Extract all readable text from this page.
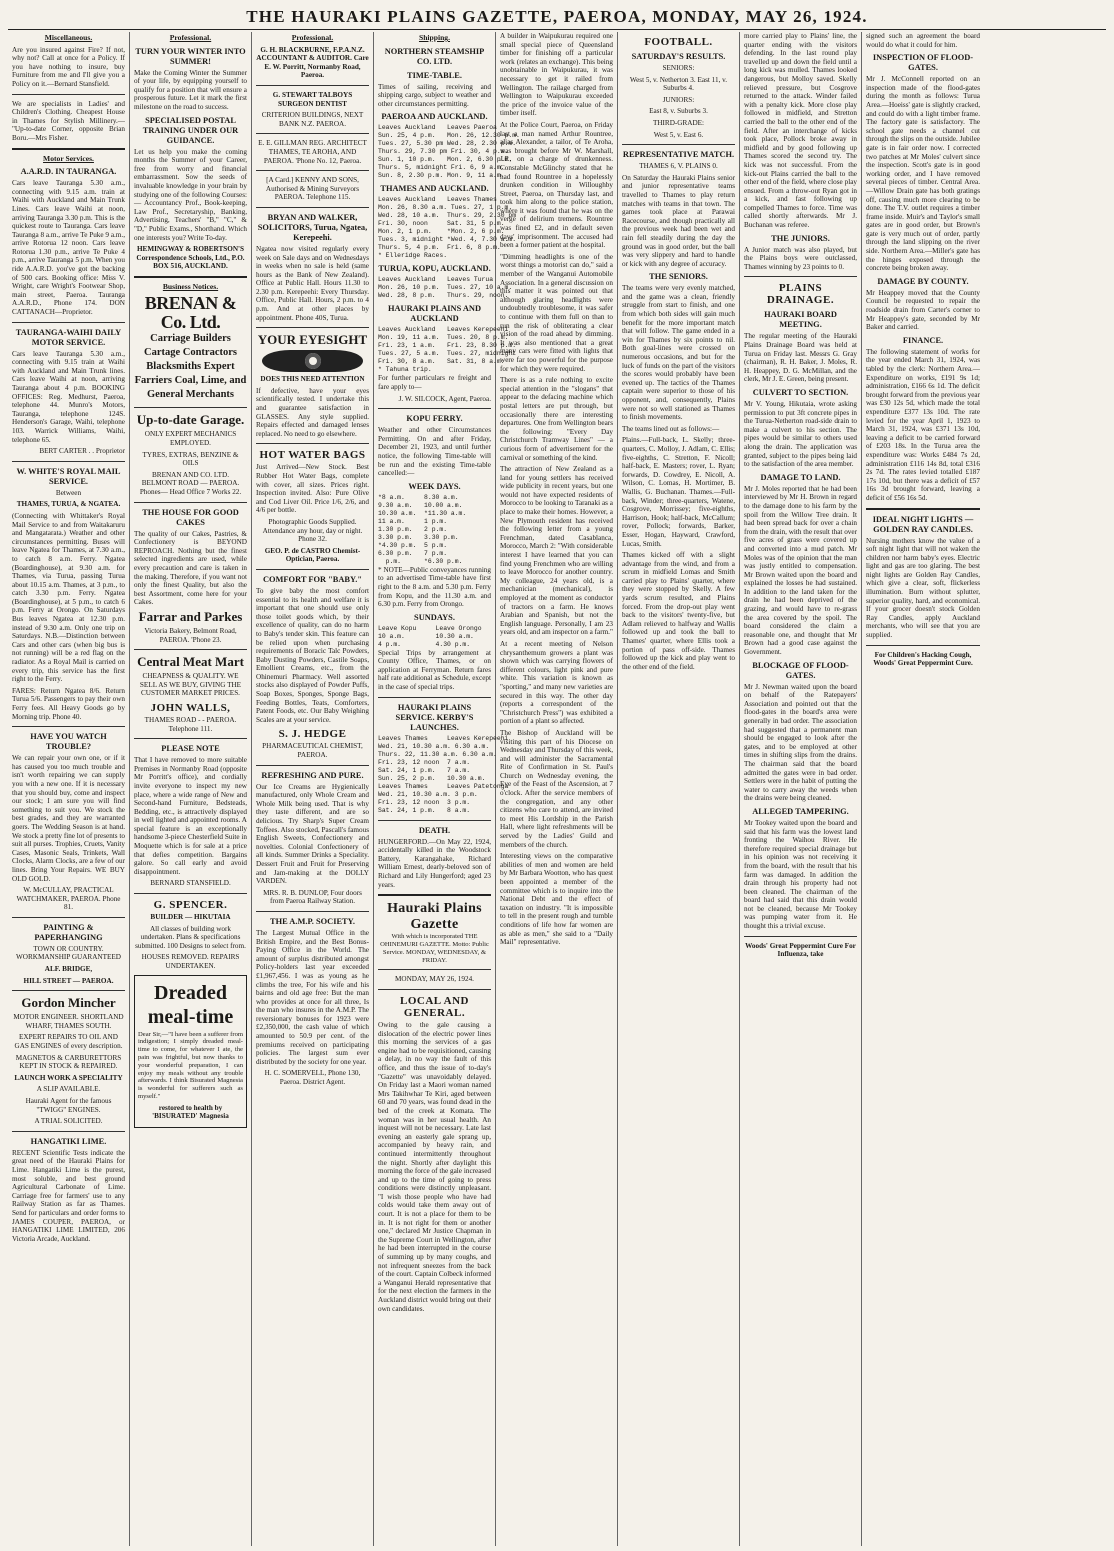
THE HAURAKI PLAINS GAZETTE, PAEROA, MONDAY, MAY 26, 1924.
Miscellaneous.

Are you insured against Fire? If not, why not? Call at once for a Policy. If you have nothing to insure, buy Furniture from me and I'll give you a Policy on it.—Bernard Stansfield.

We are specialists in Ladies' and Children's Clothing. Cheapest House in Thames for Stylish Millinery.— "Up-to-date Corner, opposite Brian Boru.—Mrs Fisher.

Motor Services.
A.A.R.D. IN TAURANGA.

Cars leave Tauranga 5.30 a.m., connecting with 9.15 a.m. train at Waihi with Auckland and Main Trunk Lines. Cars leave Waihi at noon, arriving Tauranga 3.30 p.m. This is the quickest route to Tauranga. Cars leave Tauranga 8 a.m., arrive Te Puke 9 a.m., arrive Rotorua 12 noon. Cars leave Rotorua 1.30 p.m., arrive Te Puke 4 p.m., arrive Tauranga 5 p.m. When you ride A.A.R.D. you've got the backing of 500 cars. Booking office: Miss V. Wright, care Wright's Footwear Shop, main street, Paeroa. Tauranga A.A.R.D., Phone 174. DON CATTANACH—Proprietor.

TAURANGA-WAIHI DAILY MOTOR SERVICE.

Cars leave Tauranga 5.30 a.m., connecting with 9.15 train at Waihi with Auckland and Main Trunk lines. Cars leave Waihi at noon, arriving Tauranga about 4 p.m. BOOKING OFFICES: Reg. Medhurst, Paeroa, telephone 44. Munro's Motors, Tauranga, telephone 124S. Henderson's Garage, Waihi, telephone 103. Warrick Williams, Waihi, telephone 65.

BERT CARTER . . Proprietor

W. WHITE'S ROYAL MAIL SERVICE.

Between

THAMES, TURUA, & NGATEA.

(Connecting with Whittaker's Royal Mail Service to and from Waitakaruru and Mangatarata.) Weather and other circumstances permitting. Buses will leave Ngatea for Thames, at 7.30 a.m., to catch 8 a.m. Ferry. Ngatea (Boardinghouse), at 9.30 a.m. for Thames, via Turua, passing Turua about 10.15 a.m. Thames, at 3 p.m., to catch 3.30 p.m. Ferry. Ngatea (Boardinghouse), at 5 p.m., to catch 6 p.m. Ferry at Orongo. On Saturdays Bus leaves Ngatea at 12.30 p.m. instead of 9.30 a.m. Only one trip on Saturdays. N.B.—Distinction between Cars and other cars (when big bus is not running) will be a red flag on the radiator. As a Royal Mail is carried on every trip, this service has the first right to the Ferry.

FARES: Return Ngatea 8/6. Return Turua 5/6. Passengers to pay their own Ferry fees. All Heavy Goods go by Morning trip. Phone 40.

HAVE YOU WATCH TROUBLE?

We can repair your own one, or if it has caused you too much trouble and isn't worth repairing we can supply you with a new one. If it is necessary that you should buy, come and inspect our stock; I am sure you will find something to suit you. We stock the best grades, and they are warranted goers. The Wedding Season is at hand. We stock a pretty fine lot of presents to suit all purses. Trophies, Cruets, Vanity Cases, Masonic Seals, Trinkets, Wall Clocks, Alarm Clocks, are a few of our lines. Bring Your Repairs. WE BUY OLD GOLD.

W. McCULLAY, PRACTICAL WATCHMAKER, PAEROA. Phone 81.

PAINTING & PAPERHANGING

TOWN OR COUNTRY. WORKMANSHIP GUARANTEED

ALF. BRIDGE,

HILL STREET — PAEROA.

Gordon Mincher

MOTOR ENGINEER. SHORTLAND WHARF, THAMES SOUTH.

EXPERT REPAIRS TO OIL AND GAS ENGINES of every description.

MAGNETOS & CARBURETTORS KEPT IN STOCK & REPAIRED.

LAUNCH WORK A SPECIALITY

A SLIP AVAILABLE.

Hauraki Agent for the famous "TWIGG" ENGINES.

A TRIAL SOLICITED.

HANGATIKI LIME.

RECENT Scientific Tests indicate the great need of the Hauraki Plains for Lime. Hangatiki Lime is the purest, most soluble, and best ground Agricultural Carbonate of Lime. Carriage free for farmers' use to any Railway Station as far as Thames. Send for particulars and order forms to JAMES COUPER, PAEROA, or HANGATIKI LIME LIMITED, 206 Victoria Arcade, Auckland.

Professional.
TURN YOUR WINTER INTO SUMMER!

Make the Coming Winter the Summer of your life, by equipping yourself to qualify for a position that will ensure a prosperous future. Let it mark the first milestone on the road to success.

SPECIALISED POSTAL TRAINING UNDER OUR GUIDANCE.

Let us help you make the coming months the Summer of your Career, free from worry and financial embarrassment. Sow the seeds of invaluable knowledge in your brain by studying one of the following Courses:— Accountancy Prof., Book-keeping, Law Prof., Secretaryship, Banking, Advertising, Teachers' "B," "C," & "D," Public Exams., Shorthand. Which one interests you? Write To-day.

HEMINGWAY & ROBERTSON'S Correspondence Schools, Ltd., P.O. BOX 516, AUCKLAND.

Business Notices.
BRENAN & Co. Ltd.

Carriage Builders Cartage Contractors Blacksmiths Expert Farriers Coal, Lime, and General Merchants

Up-to-date Garage.

ONLY EXPERT MECHANICS EMPLOYED.

TYRES, EXTRAS, BENZINE & OILS

BRENAN AND CO. LTD. BELMONT ROAD — PAEROA. Phones— Head Office 7 Works 22.

THE HOUSE FOR GOOD CAKES

The quality of our Cakes, Pastries, & Confectionery is BEYOND REPROACH. Nothing but the finest selected ingredients are used, while every precaution and care is taken in the making. Therefore, if you want not only the finest Quality, but also the best Assortment, come here for your Cakes.

Farrar and Parkes

Victoria Bakery, Belmont Road, PAEROA. 'Phone 23.

Central Meat Mart

CHEAPNESS & QUALITY. WE SELL AS WE BUY, GIVING THE CUSTOMER MARKET PRICES.

JOHN WALLS,

THAMES ROAD - - PAEROA. Telephone 111.

PLEASE NOTE

That I have removed to more suitable Premises in Normanby Road (opposite Mr Porritt's office), and cordially invite everyone to inspect my new place, where a wide range of New and Second-hand Furniture, Bedsteads, Bedding, etc., is attractively displayed in well lighted and appointed rooms. A special feature is an exceptionally handsome 3-piece Chesterfield Suite in Moquette which is for sale at a price that defies competition. Bargains galore. So call early and avoid disappointment.

BERNARD STANSFIELD.

G. SPENCER.

BUILDER — HIKUTAIA

All classes of building work undertaken. Plans & specifications submitted. 100 Designs to select from.

HOUSES REMOVED. REPAIRS UNDERTAKEN.

Dreaded
meal-time

Dear Sir,—"I have been a sufferer from indigestion; I simply dreaded meal-time to come, for whatever I ate, the pain was frightful, but now thanks to your wonderful preparation, I can enjoy my meals without any trouble afterwards. I think Bisurated Magnesia is wonderful for sufferers such as myself."

restored to health by 'BISURATED' Magnesia

Professional.

G. H. BLACKBURNE, F.P.A.N.Z. ACCOUNTANT & AUDITOR. Care E. W. Porritt, Normanby Road, Paeroa.

G. STEWART TALBOYS SURGEON DENTIST

CRITERION BUILDINGS, NEXT BANK N.Z. PAEROA.

E. E. GILLMAN REG. ARCHITECT THAMES, TE AROHA, AND PAEROA. 'Phone No. 12, Paeroa.

[A Card.] KENNY AND SONS, Authorised & Mining Surveyors PAEROA. Telephone 115.

BRYAN AND WALKER, SOLICITORS, Turua, Ngatea, Kerepeehi.

Ngatea now visited regularly every week on Sale days and on Wednesdays in weeks when no sale is held (same hours as the Bank of New Zealand). Office at Public Hall. Hours 11.30 to 2.30 p.m. Kerepeehi: Every Thursday. Office, Public Hall. Hours, 2 p.m. to 4 p.m. And at other places by appointment. Phone 40S, Turua.

YOUR EYESIGHT

DOES THIS NEED ATTENTION

If defective, have your eyes scientifically tested. I undertake this and guarantee satisfaction in GLASSES. Any style supplied. Repairs effected and damaged lenses replaced. No need to go elsewhere.

HOT WATER BAGS

Just Arrived—New Stock. Best Rubber Hot Water Bags, complete with cover, all sizes. Prices right. Inspection invited. Also: Pure Olive and Cod Liver Oil. Price 1/6, 2/6, and 4/6 per bottle.

Photographic Goods Supplied. Attendance any hour, day or night. Phone 32.

GEO. P. de CASTRO Chemist-Optician, Paeroa.

COMFORT FOR "BABY."

To give baby the most comfort essential to its health and welfare it is important that one should use only those toilet goods which, by their excellence of quality, can do no harm to Baby's tender skin. This feature can be relied upon when purchasing requirements of Boracic Talc Powders, Baby Dusting Powders, Castile Soaps, Emollient Creams, etc., from the Ohinemuri Pharmacy. Well assorted stocks also displayed of Powder Puffs, Soap Boxes, Sponges, Sponge Bags, Feeding Bottles, Teats, Comforters, Patent Foods, etc. Our Baby Weighing Scales are at your service.

S. J. HEDGE

PHARMACEUTICAL CHEMIST, PAEROA.

REFRESHING AND PURE.

Our Ice Creams are Hygienically manufactured, only Whole Cream and Whole Milk being used. That is why they taste different, and are so delicious. Try Sharp's Super Cream Toffees. Also stocked, Pascall's famous English Sweets, Confectionery and novelties. Colonial Confectionery of all kinds. Summer Drinks a Speciality. Dessert Fruit and Fruit for Preserving and Jam-making at the DOLLY VARDEN.

MRS. R. B. DUNLOP, Four doors from Paeroa Railway Station.

THE A.M.P. SOCIETY.

The Largest Mutual Office in the British Empire, and the Best Bonus-Paying Office in the World. The amount of surplus distributed amongst Policy-holders last year exceeded £1,967,456. I was as young as he climbs the tree, For his wife and his bairns and old age free: But the man who provides at once for all three, Is the man who insures in the A.M.P. The reversionary bonuses for 1923 were £2,350,000, the cash value of which amounted to 50.9 per cent. of the premiums received on participating policies. The largest sum ever distributed by the society for one year.

H. C. SOMERVELL, Phone 130, Paeroa. District Agent.

Shipping.
NORTHERN STEAMSHIP CO. LTD.
TIME-TABLE.

Times of sailing, receiving and shipping cargo, subject to weather and other circumstances permitting.

PAEROA AND AUCKLAND.
Leaves Auckland   Leaves Paeroa
Sun. 25, 4 p.m.   Mon. 26, 12.30 p.m.
Tues. 27, 5.30 pm Wed. 28, 2.30 p.m.
Thurs. 29, 7.30 pm Fri. 30, 4 p.m.
Sun. 1, 10 p.m.   Mon. 2, 6.30 p.m.
Thurs. 5, midnight Fri. 6, 9 a.m.
Sun. 8, 2.30 p.m. Mon. 9, 11 a.m.
THAMES AND AUCKLAND.
Leaves Auckland   Leaves Thames
Mon. 26, 8.30 a.m. Tues. 27, 1 p.m.
Wed. 28, 10 a.m.  Thurs. 29, 2.30 pm
Fri. 30, noon     Sat. 31, 5 p.m.
Mon. 2, 1 p.m.    *Mon. 2, 6 p.m.
Tues. 3, midnight *Wed. 4, 7.30 a.m.
Thurs. 5, 4 p.m.  Fri. 6, 8 p.m.
* Elleridge Races.
TURUA, KOPU, AUCKLAND.
Leaves Auckland   Leaves Turua
Mon. 26, 10 p.m.  Tues. 27, 10 a.m.
Wed. 28, 8 p.m.   Thurs. 29, noon.
HAURAKI PLAINS AND AUCKLAND
Leaves Auckland   Leaves Kerepeehi
Mon. 19, 11 a.m.  Tues. 20, 8 p.m.
Fri. 23, 1 a.m.   Fri. 23, 8.30 p.m.
Tues. 27, 5 a.m.  Tues. 27, midnight
Fri. 30, 8 a.m.   Sat. 31, 8 a.m.
* Tahuna trip.

For further particulars re freight and fare apply to—

J. W. SILCOCK, Agent, Paeroa.

KOPU FERRY.

Weather and other Circumstances Permitting. On and after Friday, December 21, 1923, and until further notice, the following Time-table will be run and the existing Time-table cancelled:—

WEEK DAYS.
*8 a.m.     8.30 a.m.
9.30 a.m.   10.00 a.m.
10.30 a.m.  *11.30 a.m.
11 a.m.     1 p.m.
1.30 p.m.   2 p.m.
3.30 p.m.   3.30 p.m.
*4.30 p.m.  5 p.m.
6.30 p.m.   7 p.m.
p.m.      *6.30 p.m.

* NOTE—Public conveyances running to an advertised Time-table have first right to the 8 a.m. and 5.30 p.m. Ferry from Kopu, and the 11.30 a.m. and 6.30 p.m. Ferry from Orongo.

SUNDAYS.
Leave Kopu     Leave Orongo
10 a.m.        10.30 a.m.
4 p.m.         4.30 p.m.

Special Trips by arrangement at County Office, Thames, or on application at Ferryman. Return fares half rate additional as Schedule, except in the case of special trips.

HAURAKI PLAINS SERVICE. KERBY'S LAUNCHES.
Leaves Thames     Leaves Kerepeehi
Wed. 21, 10.30 a.m. 6.30 a.m.
Thurs. 22, 11.30 a.m. 6.30 a.m.
Fri. 23, 12 noon  7 a.m.
Sat. 24, 1 p.m.   7 a.m.
Sun. 25, 2 p.m.   10.30 a.m.
Leaves Thames     Leaves Patetonga
Wed. 21, 10.30 a.m. 3 p.m.
Fri. 23, 12 noon  3 p.m.
Sat. 24, 1 p.m.   8 a.m.
DEATH.

HUNGERFORD.—On May 22, 1924, accidentally killed in the Woodstock Battery, Karangahake, Richard William Ernest, dearly-beloved son of Richard and Lily Hungerford; aged 23 years.

Hauraki Plains Gazette

With which is incorporated THE OHINEMURI GAZETTE. Motto: Public Service. MONDAY, WEDNESDAY, & FRIDAY.

MONDAY, MAY 26, 1924.

LOCAL AND GENERAL.

Owing to the gale causing a dislocation of the electric power lines this morning the services of a gas engine had to be requisitioned, causing a delay, in no way the fault of this office, and thus the issue of to-day's "Gazette" was unavoidably delayed. On Friday last a Maori woman named Mrs Takihwhar Te Kiri, aged between 60 and 70 years, was found dead in the bed of the creek at Komata. The woman was in her usual health. An inquest will not be necessary. Late last evening an easterly gale sprang up, accompanied by heavy rain, and continued intermittently throughout the night. Shortly after daylight this morning the force of the gale increased and up to the time of going to press conditions were distinctly unpleasant. "I wish those people who have had colds would take them away out of court. It is not a place for them to be in. It is not right for them or another one," declared Mr Justice Chapman in the Supreme Court in Wellington, after he had been interrupted in the course of summing up by many coughs, and not infrequent sneezes from the back of the court. Captain Colbeck informed a Wanganui Herald representative that for the next election the farmers in the Auckland district would bring out their own candidates.

A builder in Waipukurau required one small special piece of Queensland timber for finishing off a particular work (relates an exchange). This being unobtainable in Waipukurau, it was necessary to get it railed from Wellington. The railage charged from Wellington to Waipukurau exceeded the price of the invoice value of the timber itself.

At the Police Court, Paeroa, on Friday last a man named Arthur Rountree, alias Alexander, a tailor, of Te Aroha, was brought before Mr W. Marshall, J.P., on a charge of drunkenness. Constable McGlinchy stated that he had found Rountree in a hopelessly drunken condition in Willoughby Street, Paeroa, on Thursday last, and took him along to the police station, where it was found that he was on the verge of delirium tremens. Rountree was fined £2, and in default seven days' imprisonment. The accused had been a former patient at the hospital.

"Dimming headlights is one of the worst things a motorist can do," said a member of the Wanganui Automobile Association. In a general discussion on this matter it was pointed out that although glaring headlights were undoubtedly troublesome, it was safer to continue with them full on than to run the risk of obliterating a clear vision of the road ahead by dimming. It was also mentioned that a great many cars were fitted with lights that were far too powerful for the purpose for which they were required.

There is as a rule nothing to excite special attention in the "slogans" that appear to the defacing machine which postal letters are put through, but occasionally there are interesting departures. One from Wellington bears the following: "Every Day Christchurch Tramway Lines" — a curious form of advertisement for the carnival or something of the kind.

The attraction of New Zealand as a land for young settlers has received wide publicity in recent years, but one would not have expected residents of Morocco to be looking to Taranaki as a place to make their homes. However, a New Plymouth resident has received the following letter from a young Frenchman, dated Casablanca, Morocco, March 2: "With considerable interest I have learned that you can find young Frenchmen who are willing to leave Morocco for another country. My colleague, 24 years old, is a mechanician (mechanical), is employed at the moment as conductor of tractors on a farm. He knows Arabian and Spanish, but not the English language. Personally, I am 23 years old, and am inspector on a farm."

At a recent meeting of Nelson chrysanthemum growers a plant was shown which was carrying flowers of different colours, light pink and pure white. This variation is known as "sporting," and many new varieties are secured in this way. The other day (reports a correspondent of the "Christchurch Press") was exhibited a portion of a plant so affected.

The Bishop of Auckland will be visiting this part of his Diocese on Wednesday and Thursday of this week, and will administer the Sacramental Rite of Confirmation in St. Paul's Church on Wednesday evening, the Eve of the Feast of the Ascension, at 7 o'clock. After the service members of the congregation, and any other citizens who care to attend, are invited to meet His Lordship in the Parish Hall, where light refreshments will be served by the Ladies' Guild and members of the church.

Interesting views on the comparative abilities of men and women are held by Mr Barbara Wootton, who has quest been appointed a member of the committee which is to inquire into the National Debt and the effect of taxation on industry. "It is impossible to tell in the present rough and tumble conditions of life how far women are as able as men," she said to a "Daily Mail" representative.

FOOTBALL.
SATURDAY'S RESULTS.

SENIORS:

West 5, v. Netherton 3. East 11, v. Suburbs 4.

JUNIORS:

East 8, v. Suburbs 3.

THIRD-GRADE:

West 5, v. East 6.

REPRESENTATIVE MATCH.

THAMES 6, V. PLAINS 0.

On Saturday the Hauraki Plains senior and junior representative teams travelled to Thames to play return matches with teams in that town. The games took place at Parawai Racecourse, and though practically all the previous week had been wet and rain fell steadily during the day the ground was in good order, but the ball was very slippery and hard to handle or kick with any degree of accuracy.

THE SENIORS.

The teams were very evenly matched, and the game was a clean, friendly struggle from start to finish, and one from which both sides will gain much benefit for the more important match that will follow. The game ended in a win for Thames by six points to nil. Both goal-lines were crossed on numerous occasions, and but for the luck of funds on the part of the visitors the scores would probably have been evened up. The tactics of the Thames captain were superior to those of his opponent, and, consequently, Plains were not so well stationed as Thames to finish movements.

The teams lined out as follows:—

Plains.—Full-back, L. Skelly; three-quarters, C. Molloy, J. Adlam, C. Ellis; five-eighths, C. Stretton, F. Nicoll; half-back, E. Masters; rover, L. Ryan; forwards, D. Cowdrey, E. Nicoll, A. Wilson, C. Lomas, H. Mortimer, B. Wallis, G. Buchanan. Thames.—Full-back, Winder; three-quarters, Watene, Cosgrove, Morrissey; five-eighths, Harrison, Hook; half-back, McCallum; rover, Pollock; forwards, Barker, Esser, Hogan, Hayward, Crawford, Lucas, Smith.

Thames kicked off with a slight advantage from the wind, and from a scrum in midfield Lomas and Smith carried play to Plains' quarter, where they were stopped by Skelly. A few yards scrum resulted, and Plains forced. From the drop-out play went back to the visitors' twenty-five, but Adlam relieved to halfway and Wallis followed up and took the ball to Thames' quarter, where Ellis took a portion of pass off-side. Thames followed up the kick and play went to the other end of the field.

more carried play to Plains' line, the quarter ending with the visitors defending. In the last round play travelled up and down the field until a long kick was mulled. Thames looked dangerous, but Molloy saved. Skelly relieved pressure, but Cosgrove returned to the attack. Winder failed with a penalty kick. More close play followed in midfield, and Stretton carried the ball to the other end of the field. After an interchange of kicks took place, Pollock broke away in midfield and by good following up Thames scored the second try. The kick was not successful. From the kick-out Plains carried the ball to the other end of the field, where close play ensued. From a throw-out Ryan got in a kick, and fast following up compelled Thames to force. Time was called shortly afterwards. Mr J. Buchanan was referee.

THE JUNIORS.

A Junior match was also played, but the Plains boys were outclassed, Thames winning by 23 points to 0.

PLAINS DRAINAGE.
HAURAKI BOARD MEETING.

The regular meeting of the Hauraki Plains Drainage Board was held at Turua on Friday last. Messrs G. Gray (chairman), R. H. Baker, J. Moles, R. H. Heappey, D. G. McMillan, and the clerk, Mr J. E. Green, being present.

CULVERT TO SECTION.

Mr V. Young, Hikutaia, wrote asking permission to put 3ft concrete pipes in the Turua-Netherton road-side drain to make a culvert to his section. The pipes would be similar to others used along the drain. The application was granted, subject to the pipes being laid to the satisfaction of the area member.

DAMAGE TO LAND.

Mr J. Moles reported that he had been interviewed by Mr H. Brown in regard to the damage done to his farm by the spoil from the Willow Tree drain. It had been spread back for over a chain from the drain, with the result that over five acres of grass were covered up and converted into a mud patch. Mr Moles was of the opinion that the man was justly entitled to compensation. Mr Brown waited upon the board and explained the losses he had sustained. In addition to the land taken for the drain he had been deprived of the grazing, and would have to re-grass the area covered by the spoil. The board considered the claim a reasonable one, and thought that Mr Brown had a good case against the Government.

BLOCKAGE OF FLOOD-GATES.

Mr J. Newman waited upon the board on behalf of the Ratepayers' Association and pointed out that the flood-gates in the board's area were generally in bad order. The association had suggested that a permanent man should be engaged to look after the gates, and to be employed at other times in shifting slips from the drains. The chairman said that the board admitted the gates were in bad order. Settlers were in the habit of putting the water to carry away the weeds when the drains were being cleaned.

ALLEGED TAMPERING.

Mr Tookey waited upon the board and said that his farm was the lowest land fronting the Waihou River. He therefore required special drainage but in his opinion was not receiving it from the board, with the result that his farm was damaged. In addition the drain through his property had not been cleaned. The chairman of the board had said that this drain would not be cleaned, because Mr Tookey was pumping water from it. He thought this a trivial excuse.

Woods' Great Peppermint Cure For Influenza, take

signed such an agreement the board would do what it could for him.

INSPECTION OF FLOOD-GATES.

Mr J. McConnell reported on an inspection made of the flood-gates during the month as follows: Turua Area.—Hoeiss' gate is slightly cracked, and could do with a light timber frame. The factory gate is satisfactory. The school gate needs a channel cut through the slips on the outside. Jubilee gate is in fair order now. I corrected two patches at Mr Moles' culvert since the inspection. Scott's gate is in good working order, and I have removed several pieces of timber. Central Area.—Willow Drain gate has both gratings off, causing much more clearing to be done. The T.V. outlet requires a timber frame inside. Muir's and Taylor's small gates are in good order, but Brown's gate is very much out of order, partly through the land slipping on the river side. Northern Area.—Miller's gate has the hinges exposed through the concrete being broken away.

DAMAGE BY COUNTY.

Mr Heappey moved that the County Council be requested to repair the roadside drain from Carter's corner to Mr Heappey's gate, seconded by Mr Baker and carried.

FINANCE.

The following statement of works for the year ended March 31, 1924, was tabled by the clerk: Northern Area.—Expenditure on works, £191 9s 1d; administration, £166 6s 1d. The deficit brought forward from the previous year was £30 12s 5d, which made the total expenditure £377 13s 10d. The rate levied for the year April 1, 1923 to March 31, 1924, was £371 13s 10d, leaving a deficit to be carried forward of £203 18s. In the Turua area the expenditure was: Works £484 7s 2d, administration £116 14s 8d, total £316 2s 7d. The rates levied totalled £187 17s 10d, but there was a deficit of £57 16s 3d brought forward, leaving a deficit of £56 16s 5d.

IDEAL NIGHT LIGHTS — GOLDEN RAY CANDLES.

Nursing mothers know the value of a soft night light that will not waken the children nor harm baby's eyes. Electric light and gas are too glaring. The best night lights are Golden Ray Candles, which give a clear, soft, flickerless illumination. Burn without splutter, superior quality, hard, and economical. If your grocer doesn't stock Golden Ray Candles, apply Auckland merchants, who will see that you are supplied.

For Children's Hacking Cough, Woods' Great Peppermint Cure.
